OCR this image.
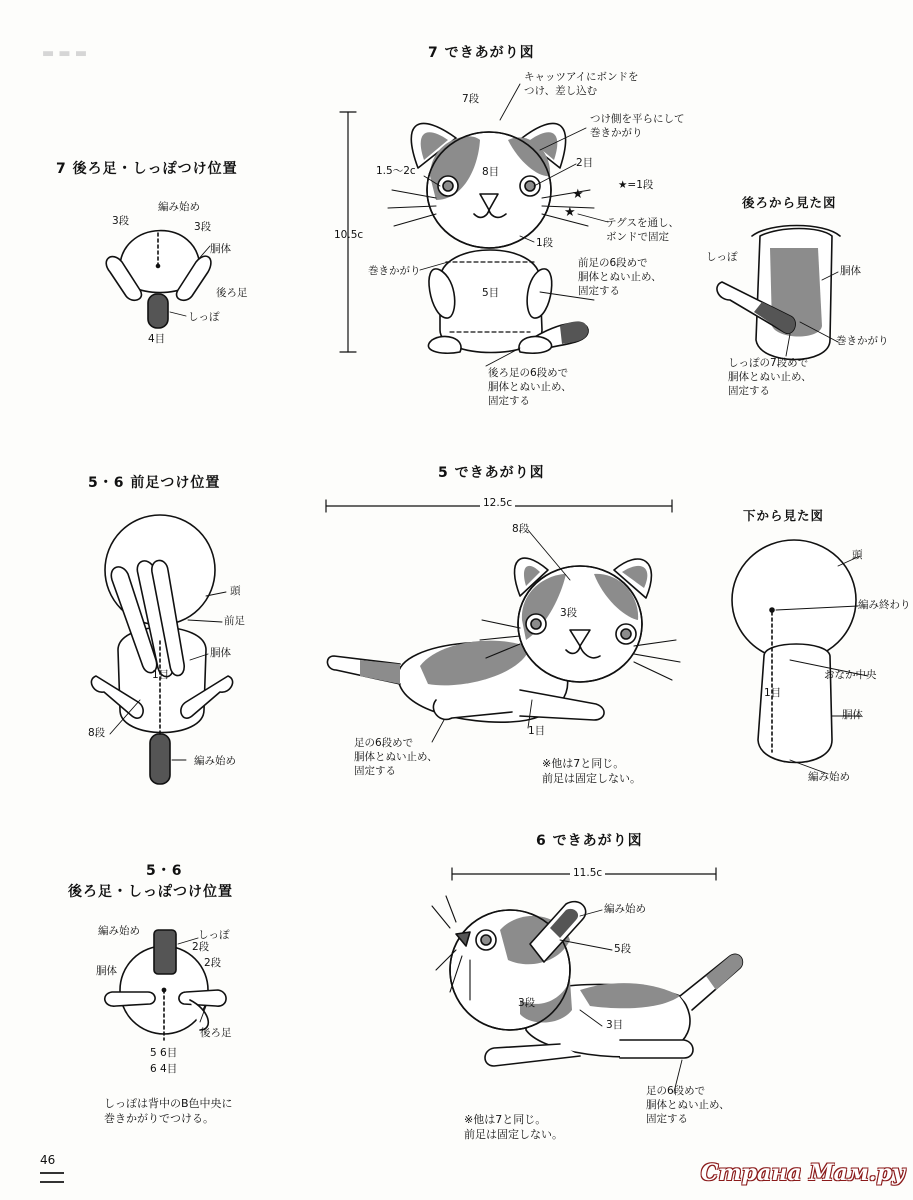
▬ ▬ ▬	7 できあがり図
7 後ろ足・しっぽつけ位置
後ろから見た図
5・6 前足つけ位置
5 できあがり図
下から見た図
6 できあがり図
5・6
後ろ足・しっぽつけ位置
10.5c
7段
キャッツアイにボンドを
つけ、差し込む
つけ側を平らにして
巻きかがり
1.5〜2c	8目
2目
★
★
★=1段
テグスを通し、
ボンドで固定
1段
巻きかがり
前足の6段めで
胴体とぬい止め、
固定する
5目
後ろ足の6段めで
胴体とぬい止め、
固定する
編み始め
3段	3段
胴体
後ろ足
しっぽ
4目
しっぽ
胴体
巻きかがり
しっぽの7段めで
胴体とぬい止め、
固定する
頭
前足
胴体
1目
8段
編み始め
12.5c
8段
3段
1目
足の6段めで
胴体とぬい止め、
固定する
※他は7と同じ。
前足は固定しない。
頭
編み終わり
おなか中央
1目
胴体
編み始め
11.5c
編み始め
5段
3段
3目
足の6段めで
胴体とぬい止め、
固定する
※他は7と同じ。
前足は固定しない。
編み始め	しっぽ
2段
2段
胴体
後ろ足
5 6目
6 4目
しっぽは背中のB色中央に
巻きかがりでつける。
46	Страна Мам.ру
